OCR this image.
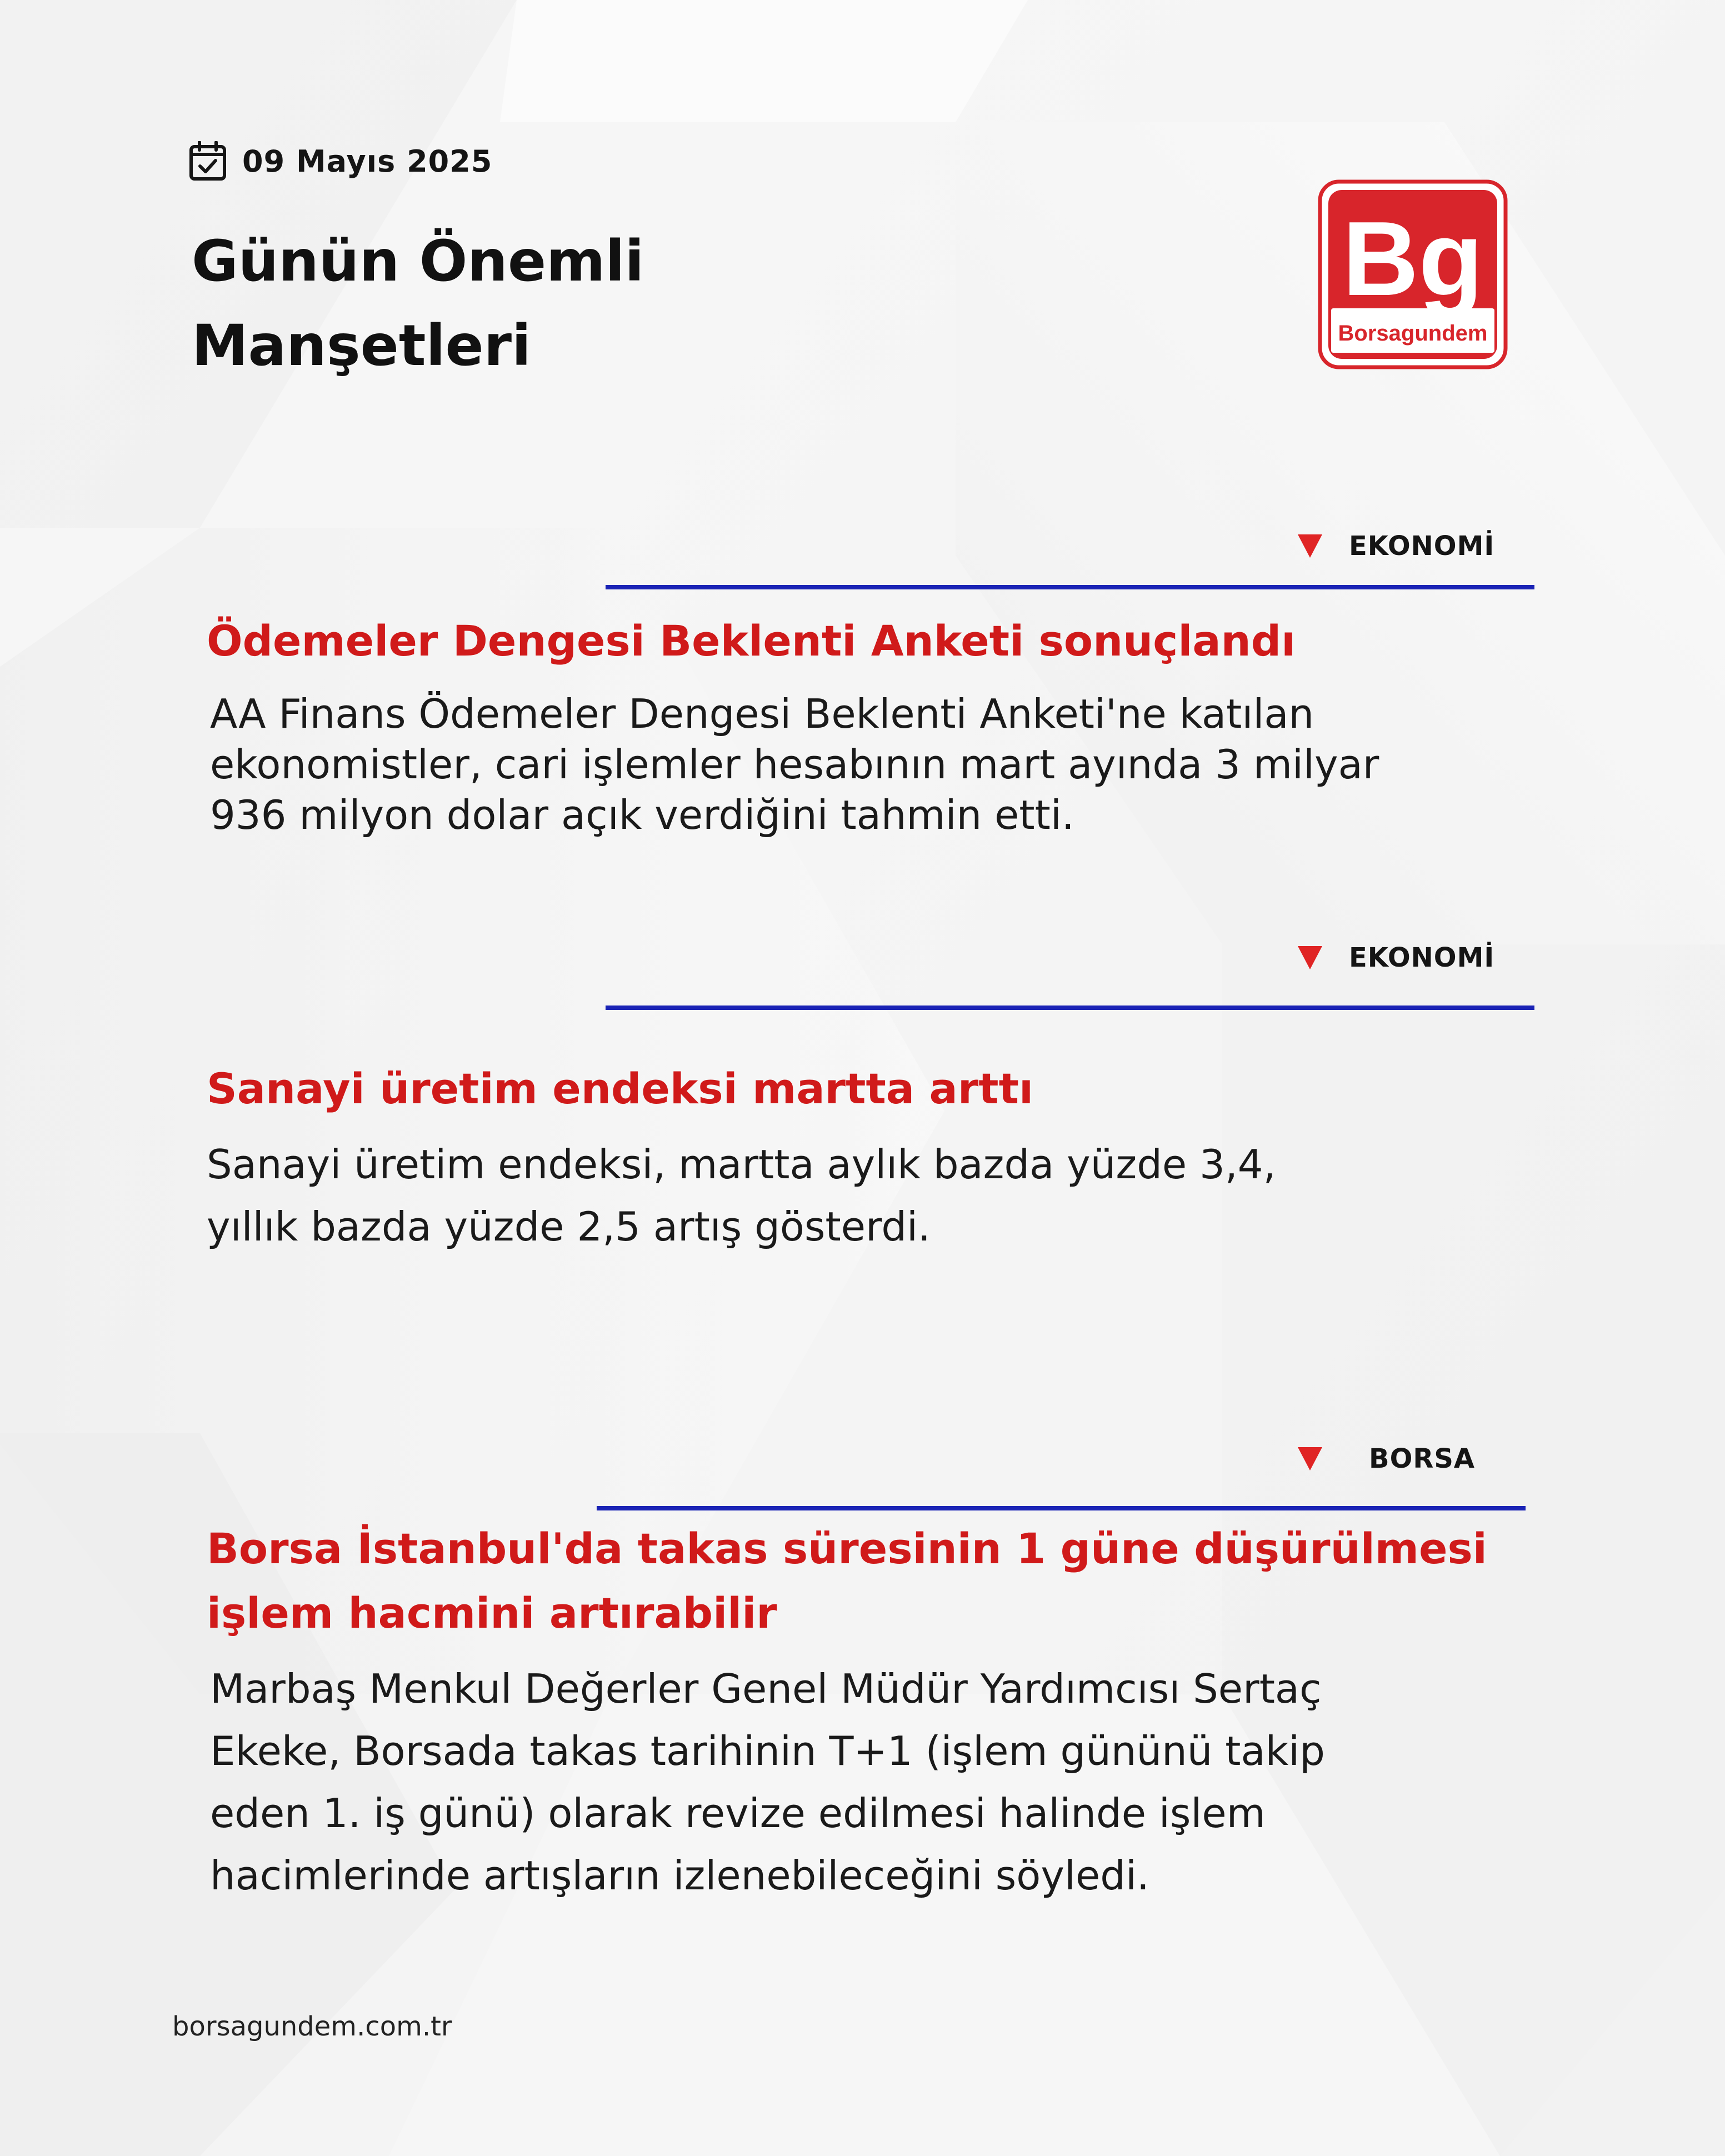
09 Mayıs 2025
Günün Önemli
Manşetleri
Bg
Borsagundem
EKONOMİ
Ödemeler Dengesi Beklenti Anketi sonuçlandı
AA Finans Ödemeler Dengesi Beklenti Anketi'ne katılan
ekonomistler, cari işlemler hesabının mart ayında 3 milyar
936 milyon dolar açık verdiğini tahmin etti.
EKONOMİ
Sanayi üretim endeksi martta arttı
Sanayi üretim endeksi, martta aylık bazda yüzde 3,4,
yıllık bazda yüzde 2,5 artış gösterdi.
BORSA
Borsa İstanbul'da takas süresinin 1 güne düşürülmesi
işlem hacmini artırabilir
Marbaş Menkul Değerler Genel Müdür Yardımcısı Sertaç
Ekeke, Borsada takas tarihinin T+1 (işlem gününü takip
eden 1. iş günü) olarak revize edilmesi halinde işlem
hacimlerinde artışların izlenebileceğini söyledi.
borsagundem.com.tr
